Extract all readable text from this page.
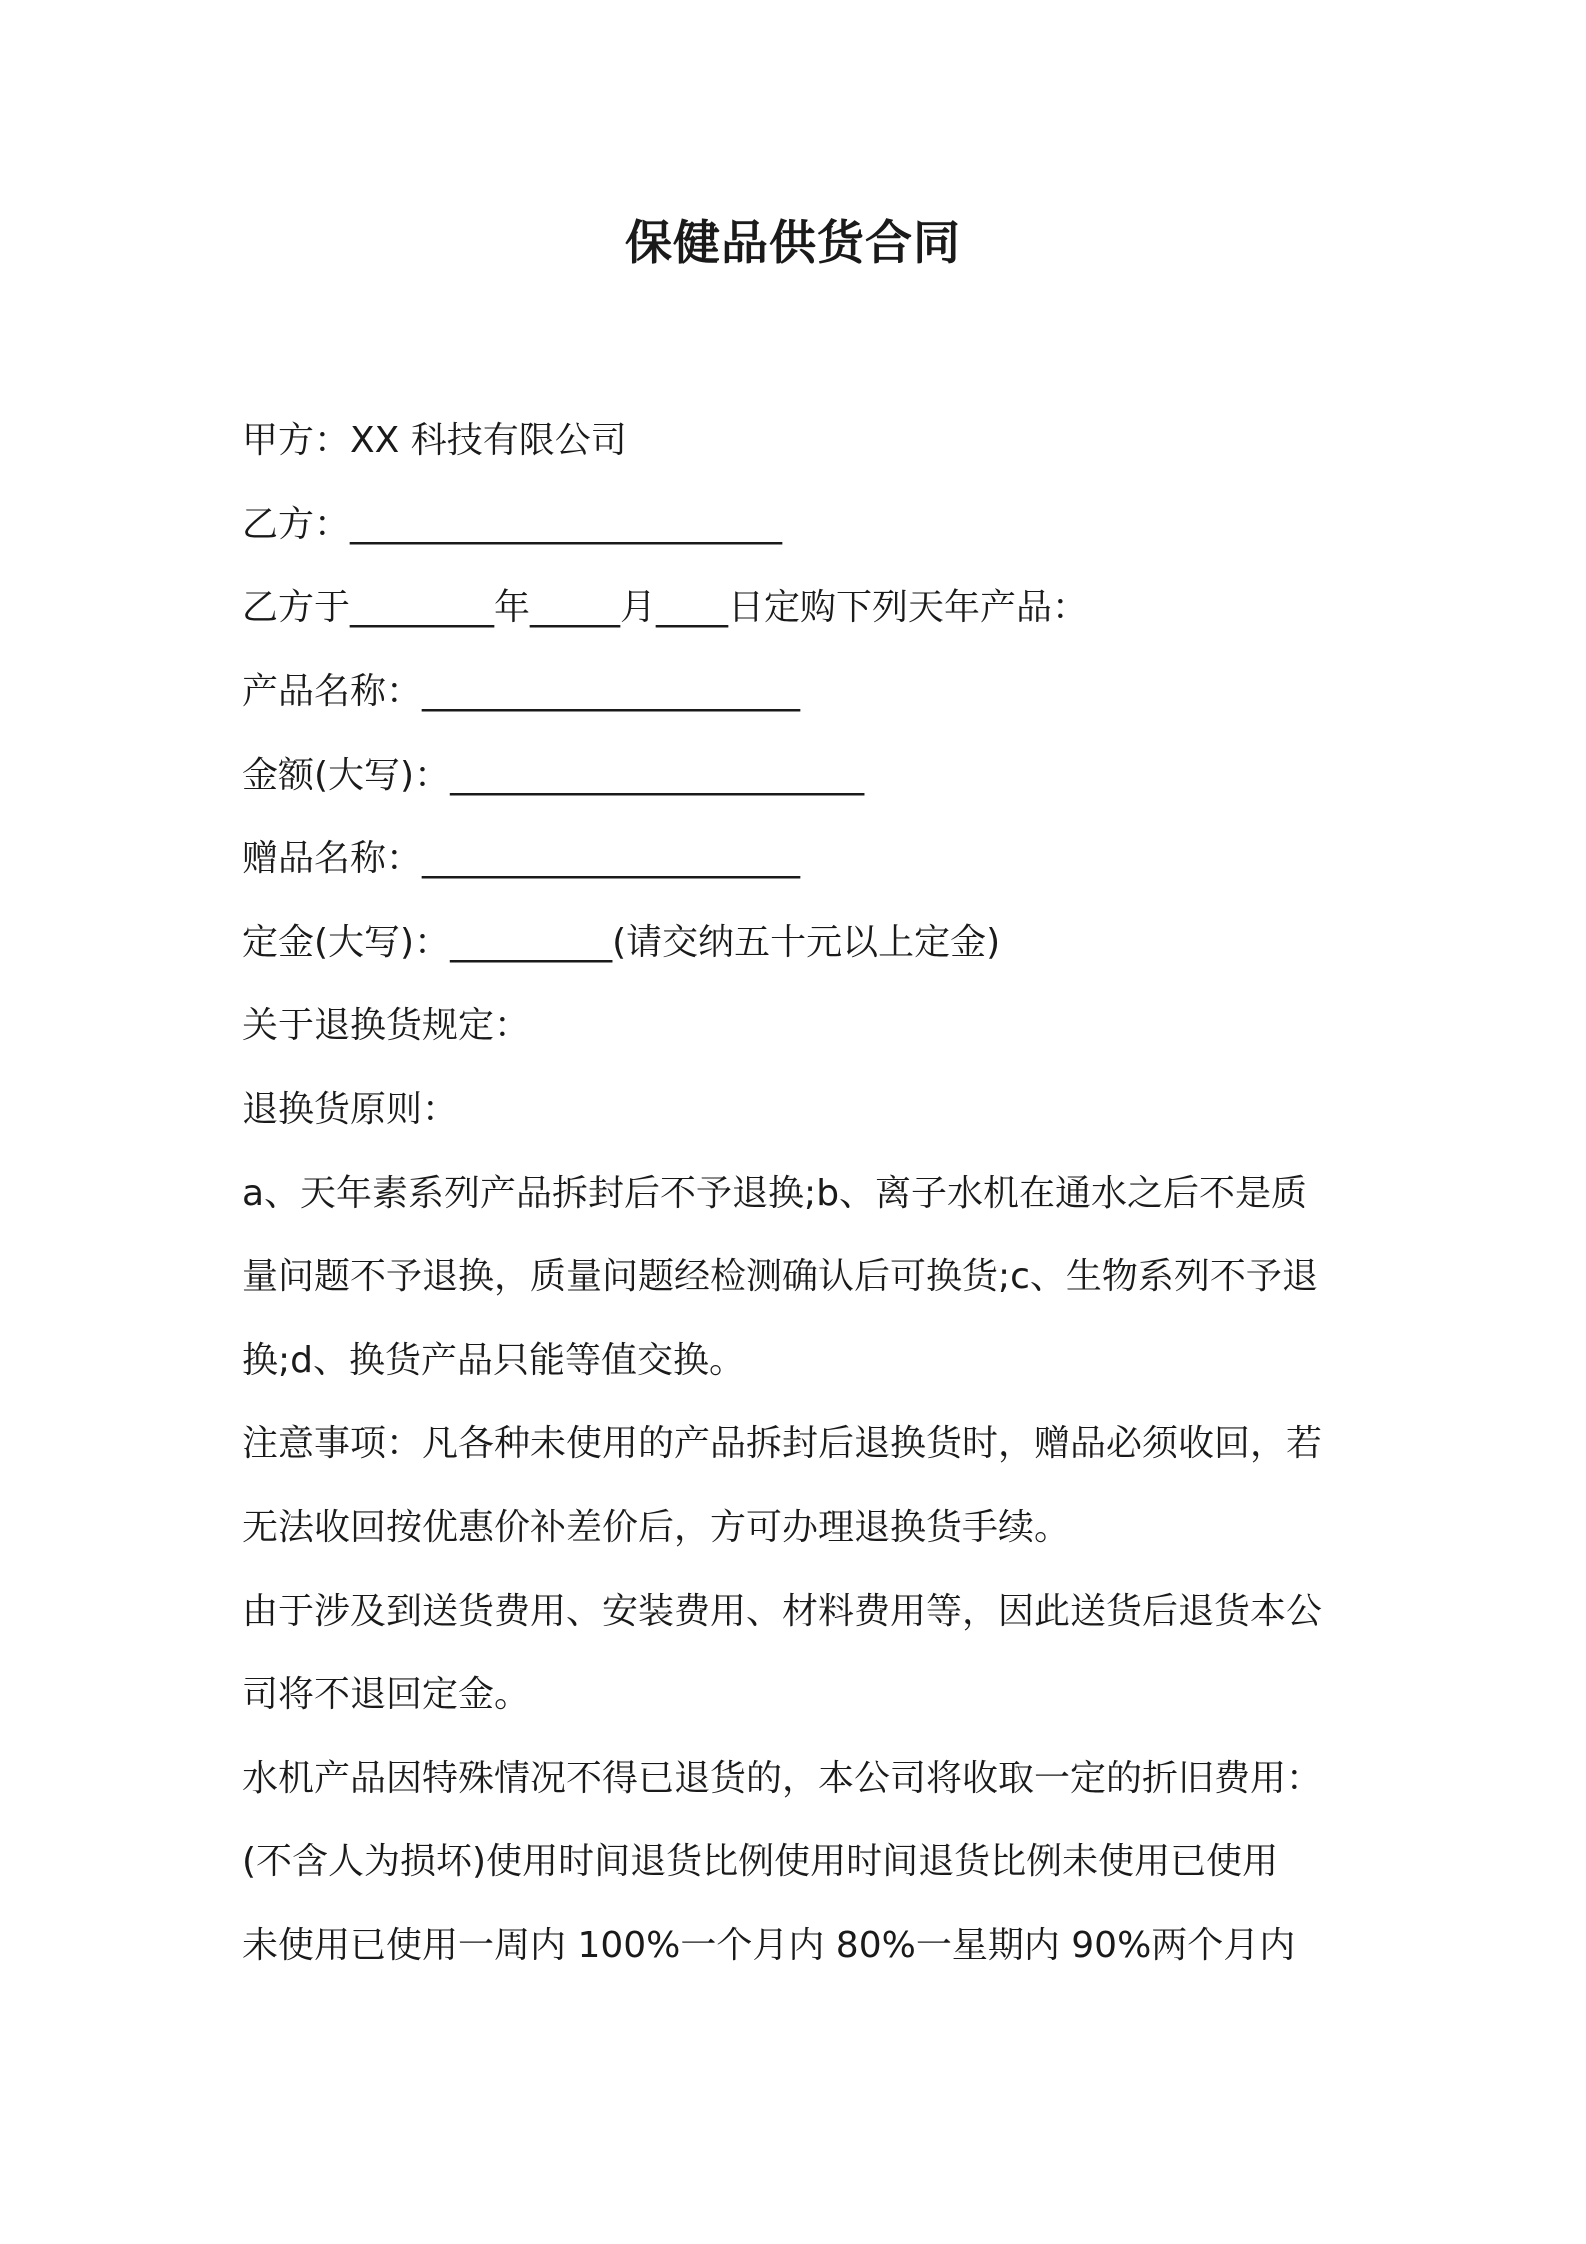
保健品供货合同
甲方：XX 科技有限公司
乙方：________________________
乙方于________年_____月____日定购下列天年产品：
产品名称：_____________________
金额(大写)：_______________________
赠品名称：_____________________
定金(大写)：_________(请交纳五十元以上定金)
关于退换货规定：
退换货原则：
a、天年素系列产品拆封后不予退换;b、离子水机在通水之后不是质
量问题不予退换，质量问题经检测确认后可换货;c、生物系列不予退
换;d、换货产品只能等值交换。
注意事项：凡各种未使用的产品拆封后退换货时，赠品必须收回，若
无法收回按优惠价补差价后，方可办理退换货手续。
由于涉及到送货费用、安装费用、材料费用等，因此送货后退货本公
司将不退回定金。
水机产品因特殊情况不得已退货的，本公司将收取一定的折旧费用：
(不含人为损坏)使用时间退货比例使用时间退货比例未使用已使用
未使用已使用一周内 100%一个月内 80%一星期内 90%两个月内
